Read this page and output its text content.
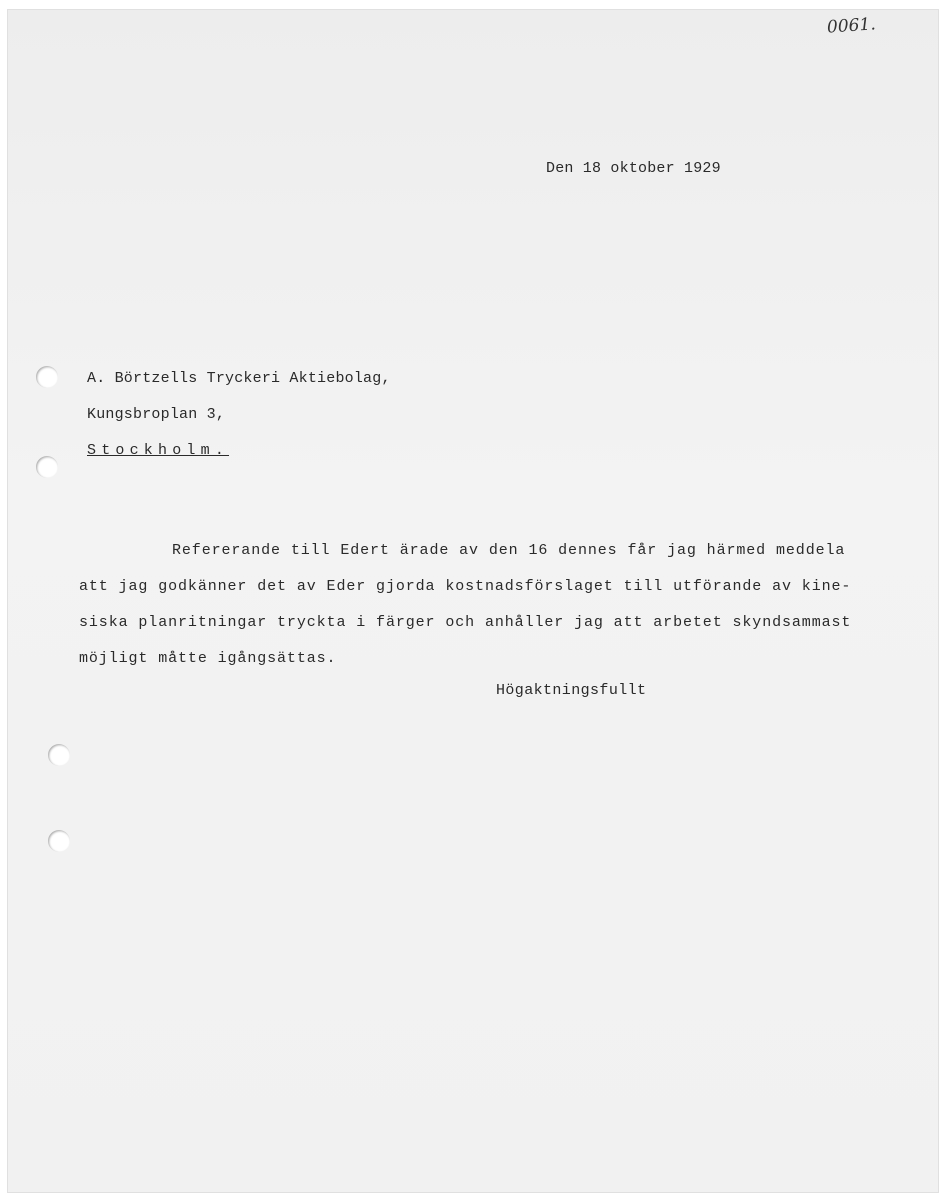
0061.
Den 18 oktober 1929
A. Börtzells Tryckeri Aktiebolag,
Kungsbroplan 3,
Stockholm.
Refererande till Edert ärade av den 16 dennes får jag härmed meddela
att jag godkänner det av Eder gjorda kostnadsförslaget till utförande av kine-
siska planritningar tryckta i färger och anhåller jag att arbetet skyndsammast
möjligt måtte igångsättas.
Högaktningsfullt
